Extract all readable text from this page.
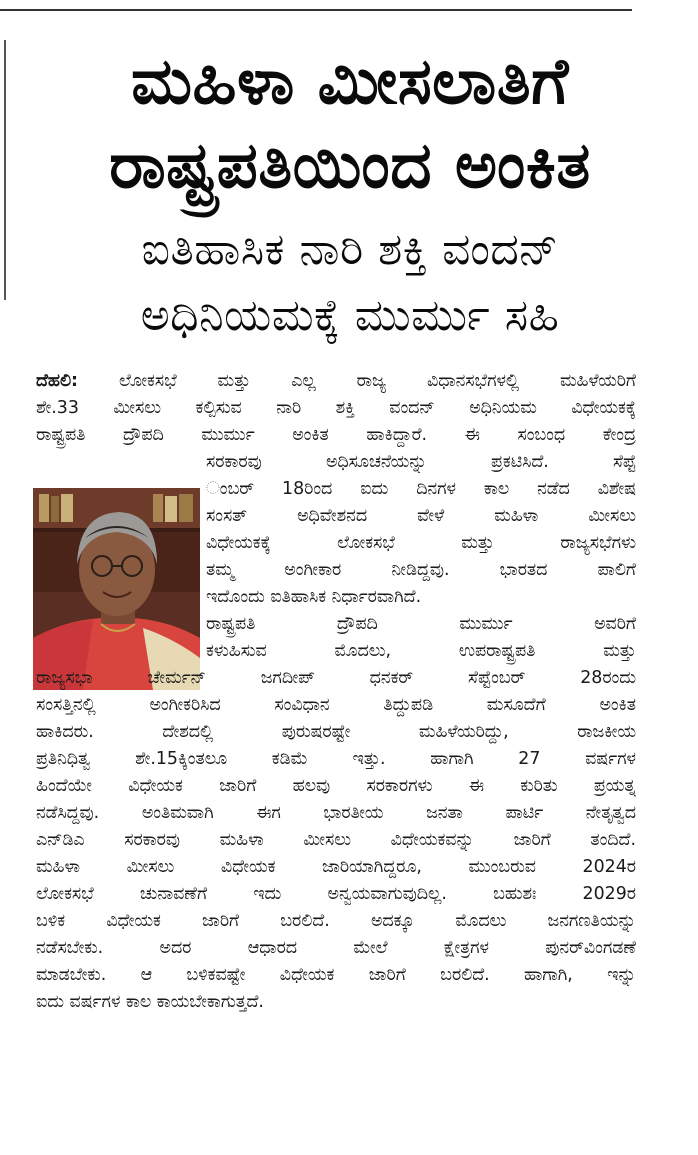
ಮಹಿಳಾ ಮೀಸಲಾತಿಗೆ
ರಾಷ್ಟ್ರಪತಿಯಿಂದ ಅಂಕಿತ
ಐತಿಹಾಸಿಕ ನಾರಿ ಶಕ್ತಿ ವಂದನ್
ಅಧಿನಿಯಮಕ್ಕೆ ಮುರ್ಮು ಸಹಿ
ದೆಹಲಿ: ಲೋಕಸಭೆ ಮತ್ತು ಎಲ್ಲ ರಾಜ್ಯ ವಿಧಾನಸಭೆಗಳಲ್ಲಿ ಮಹಿಳೆಯರಿಗೆ
ಶೇ.33 ಮೀಸಲು ಕಲ್ಪಿಸುವ ನಾರಿ ಶಕ್ತಿ ವಂದನ್ ಅಧಿನಿಯಮ ವಿಧೇಯಕಕ್ಕೆ
ರಾಷ್ಟ್ರಪತಿ ದ್ರೌಪದಿ ಮುರ್ಮು ಅಂಕಿತ ಹಾಕಿದ್ದಾರೆ. ಈ ಸಂಬಂಧ ಕೇಂದ್ರ
ಸರಕಾರವು ಅಧಿಸೂಚನೆಯನ್ನು ಪ್ರಕಟಿಸಿದೆ. ಸೆಪ್ಟೆ
ಂಬರ್ 18ರಿಂದ ಐದು ದಿನಗಳ ಕಾಲ ನಡೆದ ವಿಶೇಷ
ಸಂಸತ್ ಅಧಿವೇಶನದ ವೇಳೆ ಮಹಿಳಾ ಮೀಸಲು
ವಿಧೇಯಕಕ್ಕೆ ಲೋಕಸಭೆ ಮತ್ತು ರಾಜ್ಯಸಭೆಗಳು
ತಮ್ಮ ಅಂಗೀಕಾರ ನೀಡಿದ್ದವು. ಭಾರತದ ಪಾಲಿಗೆ
ಇದೊಂದು ಐತಿಹಾಸಿಕ ನಿರ್ಧಾರವಾಗಿದೆ.
ರಾಷ್ಟ್ರಪತಿ ದ್ರೌಪದಿ ಮುರ್ಮು ಅವರಿಗೆ
ಕಳುಹಿಸುವ ಮೊದಲು, ಉಪರಾಷ್ಟ್ರಪತಿ ಮತ್ತು
ರಾಜ್ಯಸಭಾ ಚೇರ್ಮನ್ ಜಗದೀಪ್ ಧನಕರ್ ಸೆಪ್ಟೆಂಬರ್ 28ರಂದು
ಸಂಸತ್ತಿನಲ್ಲಿ ಅಂಗೀಕರಿಸಿದ ಸಂವಿಧಾನ ತಿದ್ದುಪಡಿ ಮಸೂದೆಗೆ ಅಂಕಿತ
ಹಾಕಿದರು. ದೇಶದಲ್ಲಿ ಪುರುಷರಷ್ಟೇ ಮಹಿಳೆಯರಿದ್ದು, ರಾಜಕೀಯ
ಪ್ರತಿನಿಧಿತ್ವ ಶೇ.15ಕ್ಕಿಂತಲೂ ಕಡಿಮೆ ಇತ್ತು. ಹಾಗಾಗಿ 27 ವರ್ಷಗಳ
ಹಿಂದೆಯೇ ವಿಧೇಯಕ ಜಾರಿಗೆ ಹಲವು ಸರಕಾರಗಳು ಈ ಕುರಿತು ಪ್ರಯತ್ನ
ನಡೆಸಿದ್ದವು. ಅಂತಿಮವಾಗಿ ಈಗ ಭಾರತೀಯ ಜನತಾ ಪಾರ್ಟಿ ನೇತೃತ್ವದ
ಎನ್‌ಡಿಎ ಸರಕಾರವು ಮಹಿಳಾ ಮೀಸಲು ವಿಧೇಯಕವನ್ನು ಜಾರಿಗೆ ತಂದಿದೆ.
ಮಹಿಳಾ ಮೀಸಲು ವಿಧೇಯಕ ಜಾರಿಯಾಗಿದ್ದರೂ, ಮುಂಬರುವ 2024ರ
ಲೋಕಸಭೆ ಚುನಾವಣೆಗೆ ಇದು ಅನ್ವಯವಾಗುವುದಿಲ್ಲ. ಬಹುಶಃ 2029ರ
ಬಳಿಕ ವಿಧೇಯಕ ಜಾರಿಗೆ ಬರಲಿದೆ. ಅದಕ್ಕೂ ಮೊದಲು ಜನಗಣತಿಯನ್ನು
ನಡೆಸಬೇಕು. ಅದರ ಆಧಾರದ ಮೇಲೆ ಕ್ಷೇತ್ರಗಳ ಪುನರ್‌ವಿಂಗಡಣೆ
ಮಾಡಬೇಕು. ಆ ಬಳಿಕವಷ್ಟೇ ವಿಧೇಯಕ ಜಾರಿಗೆ ಬರಲಿದೆ. ಹಾಗಾಗಿ, ಇನ್ನು
ಐದು ವರ್ಷಗಳ ಕಾಲ ಕಾಯಬೇಕಾಗುತ್ತದೆ.
